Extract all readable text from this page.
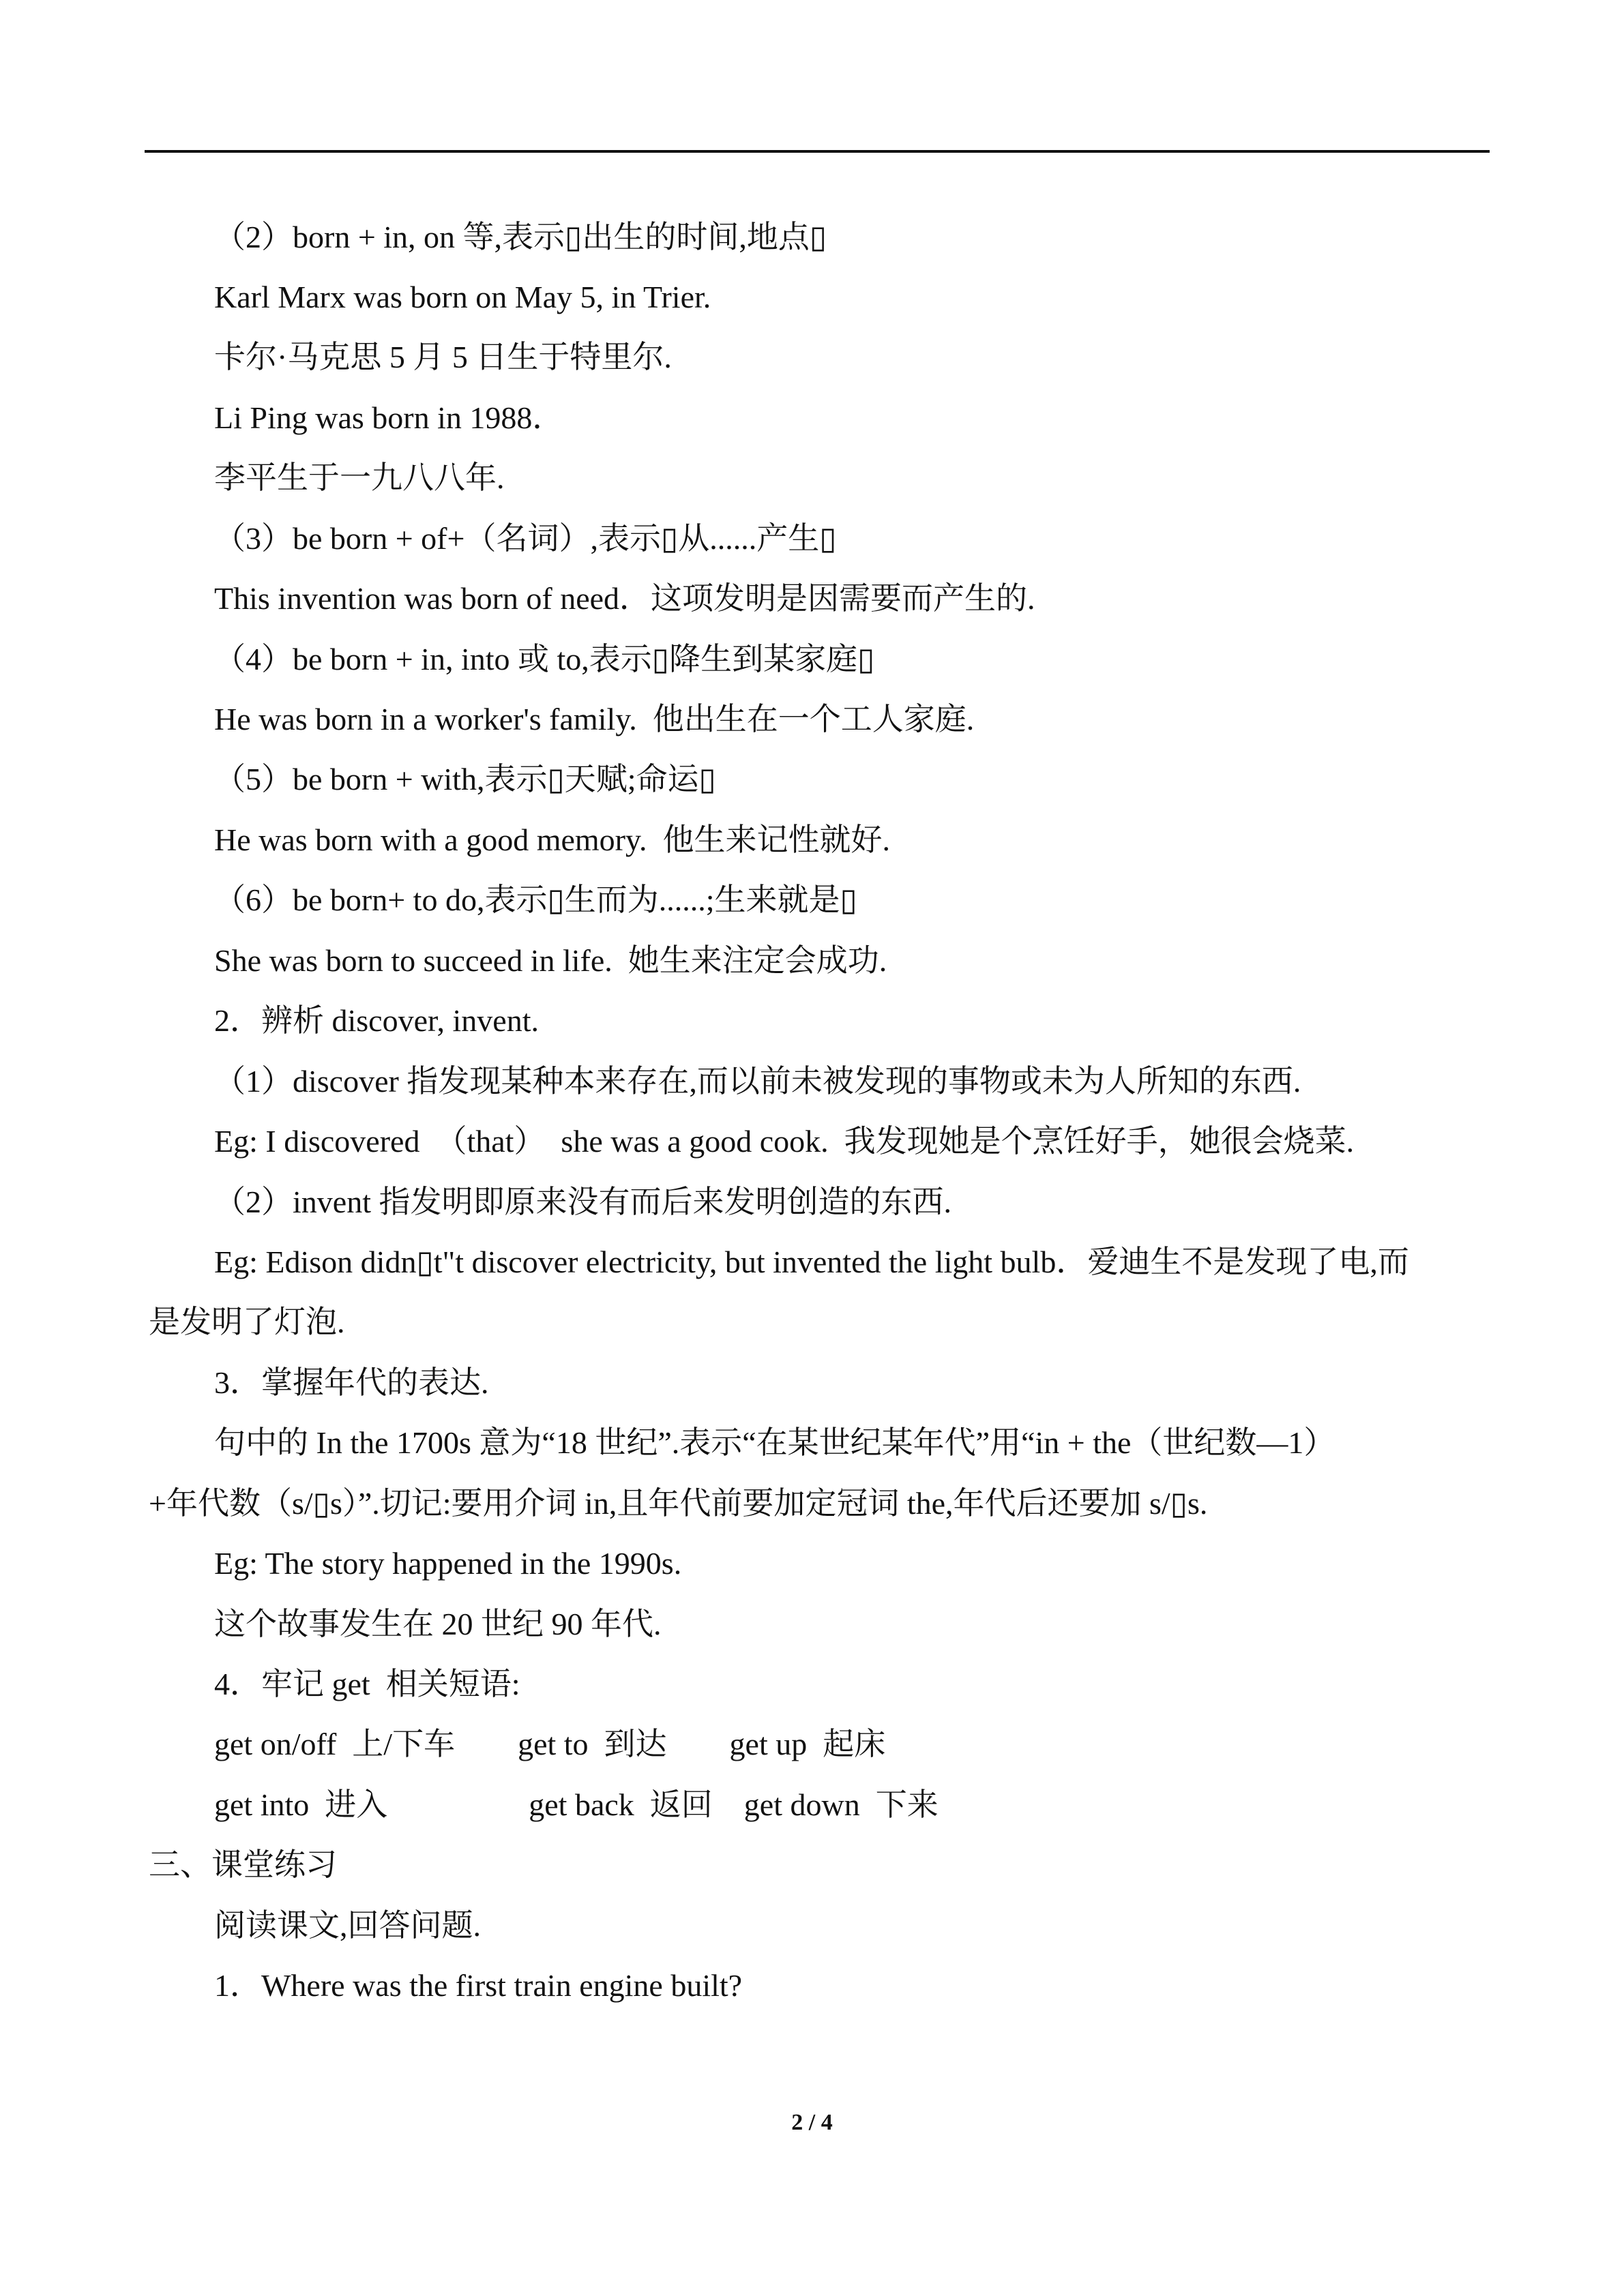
（2）born + in, on 等,表示▯出生的时间,地点▯

Karl Marx was born on May 5, in Trier.

卡尔·马克思 5 月 5 日生于特里尔.

Li Ping was born in 1988．

李平生于一九八八年.

（3）be born + of+（名词）,表示▯从......产生▯

This invention was born of need．这项发明是因需要而产生的.

（4）be born + in, into 或 to,表示▯降生到某家庭▯

He was born in a worker's family.  他出生在一个工人家庭.

（5）be born + with,表示▯天赋;命运▯

He was born with a good memory.  他生来记性就好.

（6）be born+ to do,表示▯生而为......;生来就是▯

She was born to succeed in life.  她生来注定会成功.

2．辨析 discover, invent.

（1）discover 指发现某种本来存在,而以前未被发现的事物或未为人所知的东西.

Eg: I discovered  （that）  she was a good cook.  我发现她是个烹饪好手，她很会烧菜.

（2）invent 指发明即原来没有而后来发明创造的东西.

Eg: Edison didn▯t"t discover electricity, but invented the light bulb．爱迪生不是发现了电,而

是发明了灯泡.

3．掌握年代的表达.

句中的 In the 1700s 意为“18 世纪”.表示“在某世纪某年代”用“in + the（世纪数—1）

+年代数（s/▯s）”.切记:要用介词 in,且年代前要加定冠词 the,年代后还要加 s/▯s.

Eg: The story happened in the 1990s.

这个故事发生在 20 世纪 90 年代.

4．牢记 get  相关短语:

get on/off  上/下车        get to  到达        get up  起床

get into  进入                  get back  返回    get down  下来

三、课堂练习

阅读课文,回答问题.

1．Where was the first train engine built?

2 / 4
